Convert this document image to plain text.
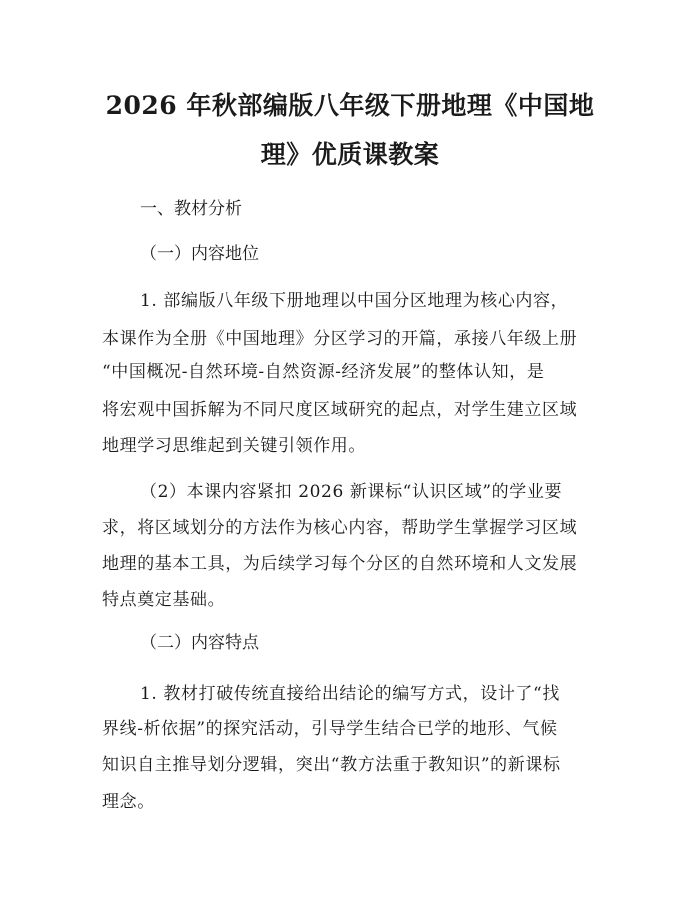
2026 年秋部编版八年级下册地理《中国地
理》优质课教案
一、教材分析
（一）内容地位
1. 部编版八年级下册地理以中国分区地理为核心内容，
本课作为全册《中国地理》分区学习的开篇，承接八年级上册
“中国概况-自然环境-自然资源-经济发展”的整体认知，是
将宏观中国拆解为不同尺度区域研究的起点，对学生建立区域
地理学习思维起到关键引领作用。
（2）本课内容紧扣 2026 新课标“认识区域”的学业要
求，将区域划分的方法作为核心内容，帮助学生掌握学习区域
地理的基本工具，为后续学习每个分区的自然环境和人文发展
特点奠定基础。
（二）内容特点
1. 教材打破传统直接给出结论的编写方式，设计了“找
界线-析依据”的探究活动，引导学生结合已学的地形、气候
知识自主推导划分逻辑，突出“教方法重于教知识”的新课标
理念。
